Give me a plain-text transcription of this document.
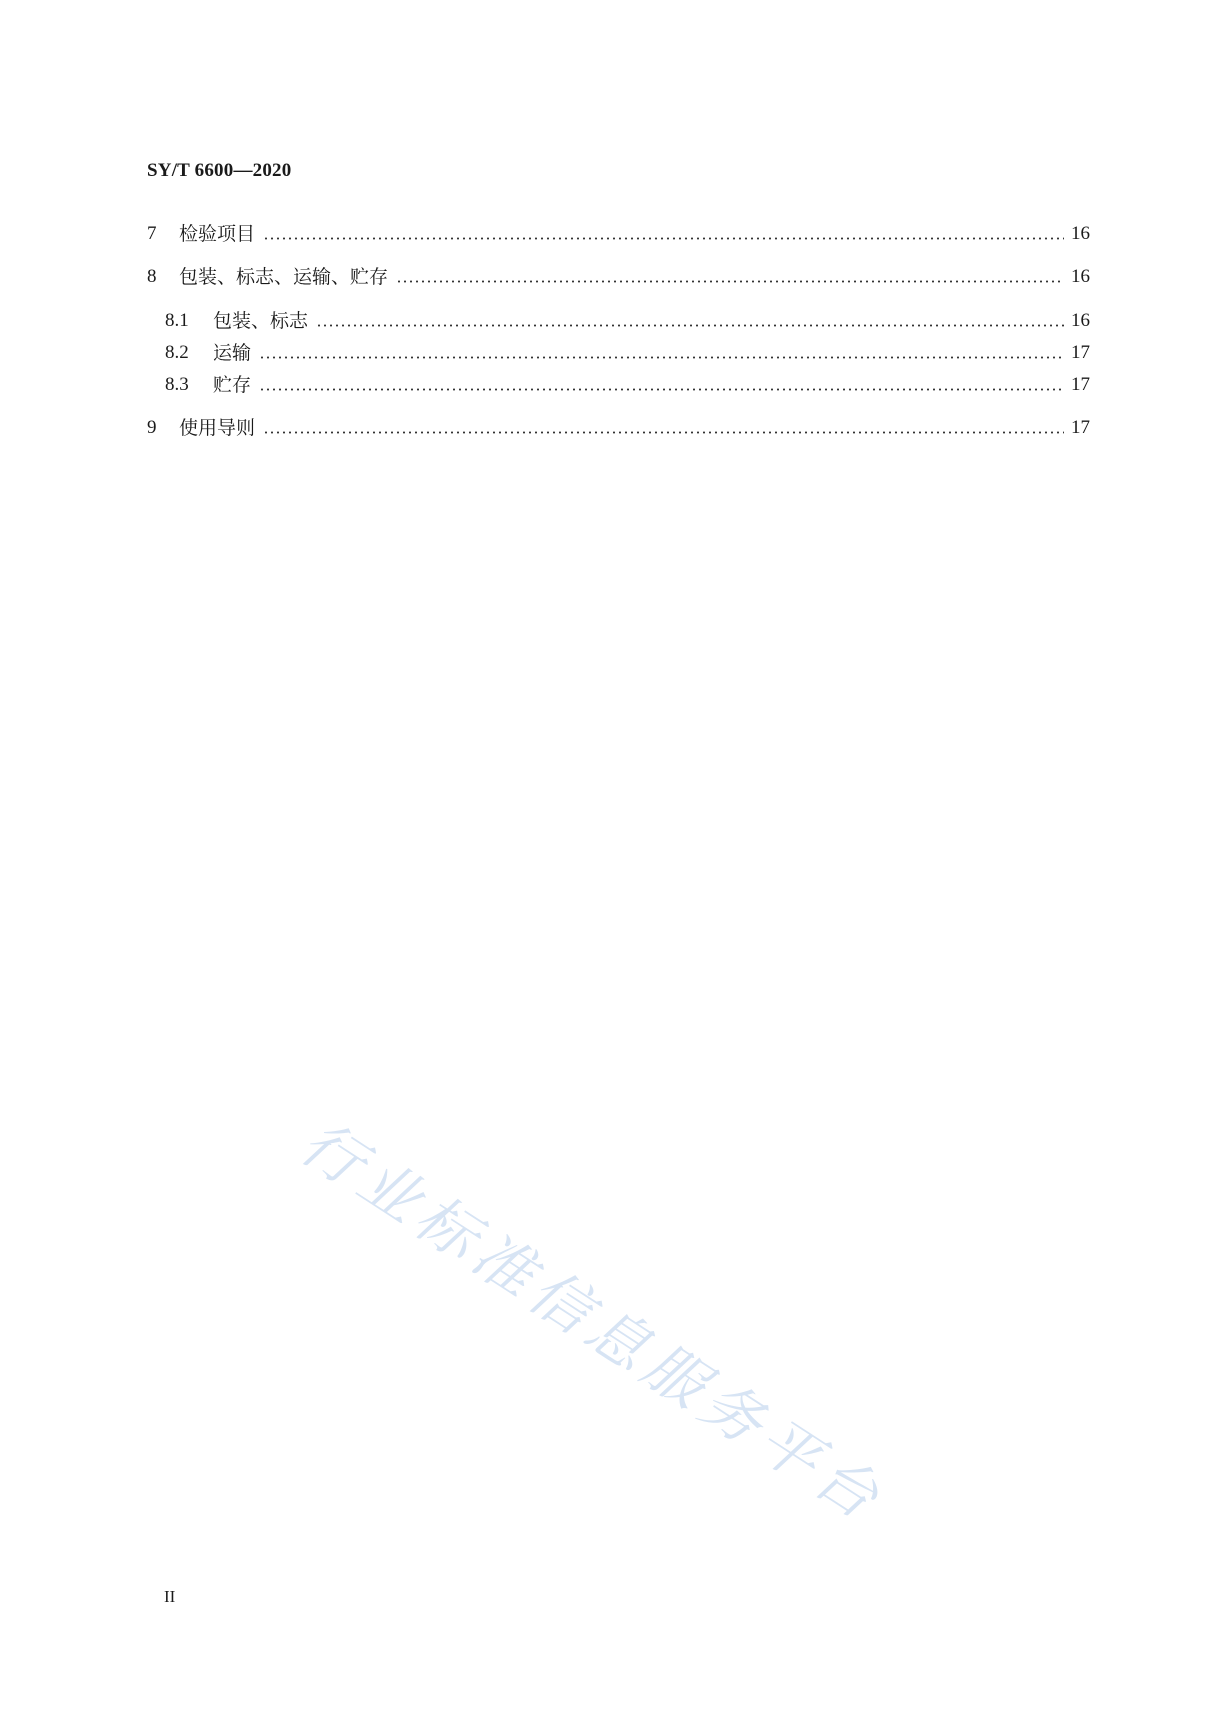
SY/T 6600—2020
7	检验项目	16
8	包装、标志、运输、贮存	16
8.1	包装、标志	16
8.2	运输	17
8.3	贮存	17
9	使用导则	17
行业标准信息服务平台
II
